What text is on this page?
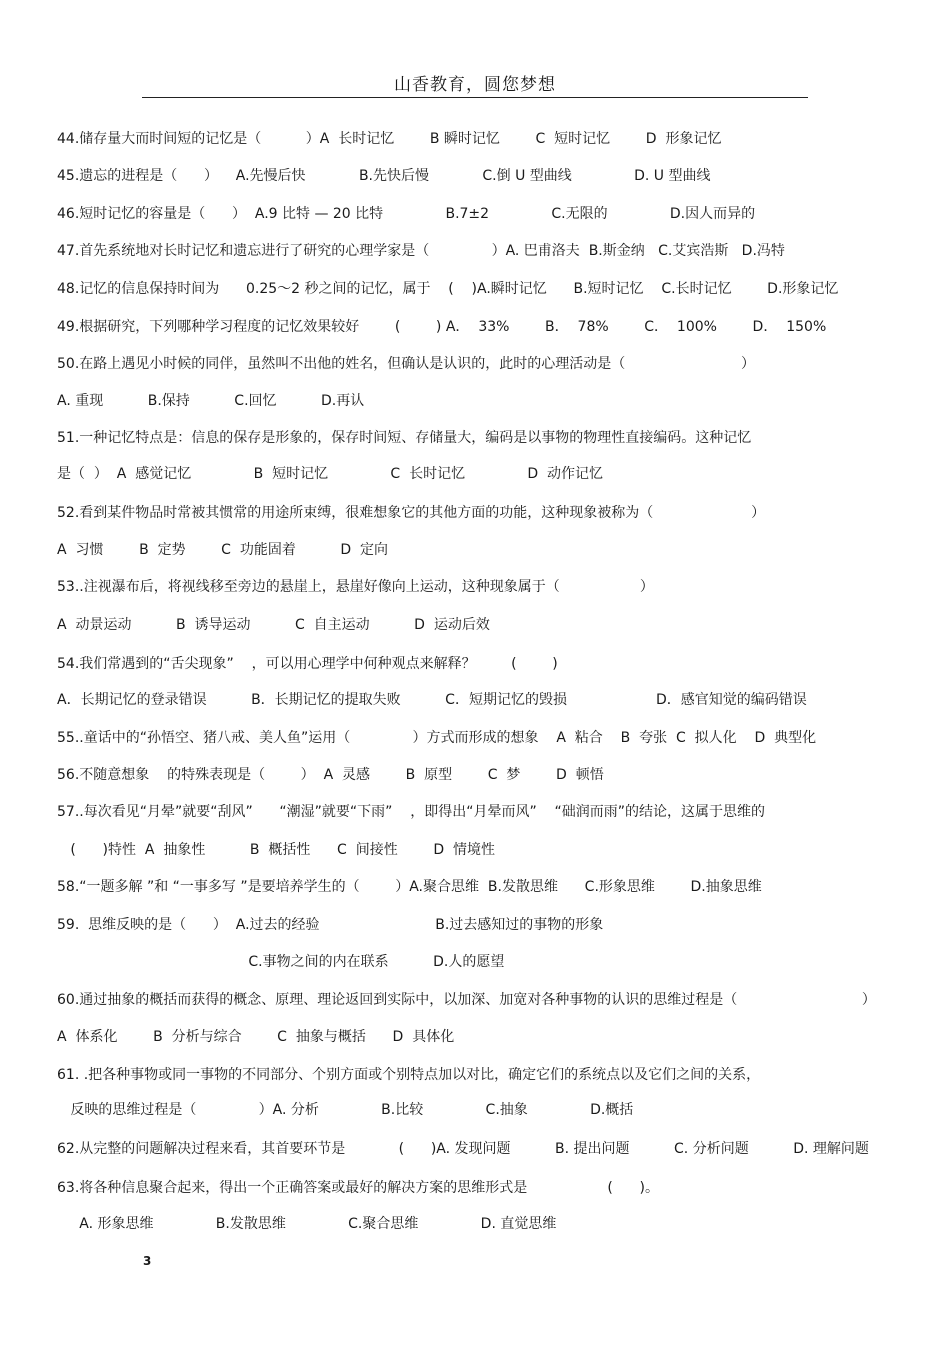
山香教育，圆您梦想
44.储存量大而时间短的记忆是（          ）A  长时记忆        B 瞬时记忆        C  短时记忆        D  形象记忆
45.遗忘的进程是（      ）    A.先慢后快            B.先快后慢            C.倒 U 型曲线              D. U 型曲线
46.短时记忆的容量是（      ）  A.9 比特 — 20 比特              B.7±2              C.无限的              D.因人而异的
47.首先系统地对长时记忆和遗忘进行了研究的心理学家是（              ）A. 巴甫洛夫  B.斯金纳   C.艾宾浩斯   D.冯特
48.记忆的信息保持时间为      0.25～2 秒之间的记忆，属于    (    )A.瞬时记忆      B.短时记忆    C.长时记忆        D.形象记忆
49.根据研究，下列哪种学习程度的记忆效果较好        (        ) A．  33%        B．  78%        C．  100%        D．  150%
50.在路上遇见小时候的同伴，虽然叫不出他的姓名，但确认是认识的，此时的心理活动是（                          ）
A. 重现          B.保持          C.回忆          D.再认
51.一种记忆特点是：信息的保存是形象的，保存时间短、存储量大，编码是以事物的物理性直接编码。这种记忆
是（  ）  A  感觉记忆              B  短时记忆              C  长时记忆              D  动作记忆
52.看到某件物品时常被其惯常的用途所束缚，很难想象它的其他方面的功能，这种现象被称为（                      ）
A  习惯        B  定势        C  功能固着          D  定向
53..注视瀑布后，将视线移至旁边的悬崖上，悬崖好像向上运动，这种现象属于（                  ）
A  动景运动          B  诱导运动          C  自主运动          D  运动后效
54.我们常遇到的“舌尖现象”    ，可以用心理学中何种观点来解释？        (        )
A．长期记忆的登录错误          B．长期记忆的提取失败          C．短期记忆的毁损                    D．感官知觉的编码错误
55..童话中的“孙悟空、猪八戒、美人鱼”运用（              ）方式而形成的想象    A  粘合    B  夸张  C  拟人化    D  典型化
56.不随意想象    的特殊表现是（        ）  A  灵感        B  原型        C  梦        D  顿悟
57..每次看见“月晕”就要“刮风”      “潮湿”就要“下雨”    ，即得出“月晕而风”    “础润而雨”的结论，这属于思维的
(      )特性  A  抽象性          B  概括性      C  间接性        D  情境性
58.“一题多解 ”和 “一事多写 ”是要培养学生的（        ）A.聚合思维  B.发散思维      C.形象思维        D.抽象思维
59.  思维反映的是（      ）  A.过去的经验                          B.过去感知过的事物的形象
C.事物之间的内在联系          D.人的愿望
60.通过抽象的概括而获得的概念、原理、理论返回到实际中，以加深、加宽对各种事物的认识的思维过程是（                            ）
A  体系化        B  分析与综合        C  抽象与概括      D  具体化
61. .把各种事物或同一事物的不同部分、个别方面或个别特点加以对比，确定它们的系统点以及它们之间的关系，
反映的思维过程是（              ）A. 分析              B.比较              C.抽象              D.概括
62.从完整的问题解决过程来看，其首要环节是            (      )A. 发现问题          B. 提出问题          C. 分析问题          D. 理解问题
63.将各种信息聚合起来，得出一个正确答案或最好的解决方案的思维形式是                  (      )。
A. 形象思维              B.发散思维              C.聚合思维              D. 直觉思维
3
